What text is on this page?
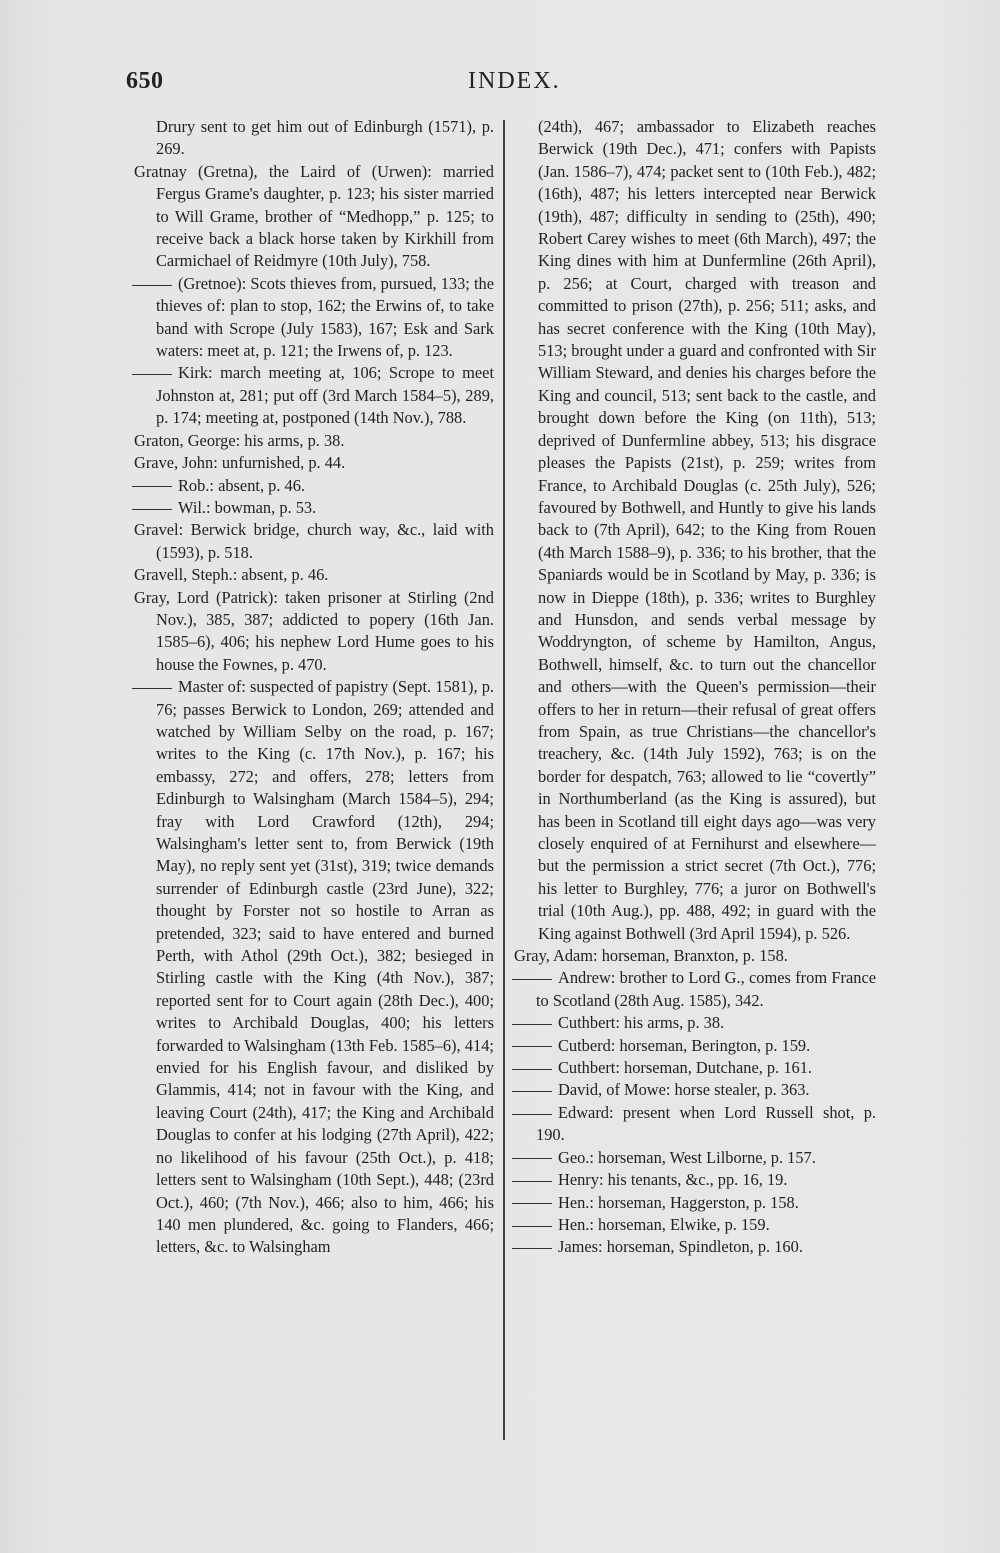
650	INDEX.
Drury sent to get him out of Edinburgh (1571), p. 269.
Gratnay (Gretna), the Laird of (Urwen): married Fergus Grame's daughter, p. 123; his sister married to Will Grame, brother of “Medhopp,” p. 125; to receive back a black horse taken by Kirkhill from Carmichael of Reidmyre (10th July), 758.
(Gretnoe): Scots thieves from, pursued, 133; the thieves of: plan to stop, 162; the Erwins of, to take band with Scrope (July 1583), 167; Esk and Sark waters: meet at, p. 121; the Irwens of, p. 123.
Kirk: march meeting at, 106; Scrope to meet Johnston at, 281; put off (3rd March 1584–5), 289, p. 174; meeting at, postponed (14th Nov.), 788.
Graton, George: his arms, p. 38.
Grave, John: unfurnished, p. 44.
Rob.: absent, p. 46.
Wil.: bowman, p. 53.
Gravel: Berwick bridge, church way, &c., laid with (1593), p. 518.
Gravell, Steph.: absent, p. 46.
Gray, Lord (Patrick): taken prisoner at Stirling (2nd Nov.), 385, 387; addicted to popery (16th Jan. 1585–6), 406; his nephew Lord Hume goes to his house the Fownes, p. 470.
Master of: suspected of papistry (Sept. 1581), p. 76; passes Berwick to London, 269; attended and watched by William Selby on the road, p. 167; writes to the King (c. 17th Nov.), p. 167; his embassy, 272; and offers, 278; letters from Edinburgh to Walsingham (March 1584–5), 294; fray with Lord Crawford (12th), 294; Walsingham's letter sent to, from Berwick (19th May), no reply sent yet (31st), 319; twice demands surrender of Edinburgh castle (23rd June), 322; thought by Forster not so hostile to Arran as pretended, 323; said to have entered and burned Perth, with Athol (29th Oct.), 382; besieged in Stirling castle with the King (4th Nov.), 387; reported sent for to Court again (28th Dec.), 400; writes to Archibald Douglas, 400; his letters forwarded to Walsingham (13th Feb. 1585–6), 414; envied for his English favour, and disliked by Glammis, 414; not in favour with the King, and leaving Court (24th), 417; the King and Archibald Douglas to confer at his lodging (27th April), 422; no likelihood of his favour (25th Oct.), p. 418; letters sent to Walsingham (10th Sept.), 448; (23rd Oct.), 460; (7th Nov.), 466; also to him, 466; his 140 men plundered, &c. going to Flanders, 466; letters, &c. to Walsingham
(24th), 467; ambassador to Elizabeth reaches Berwick (19th Dec.), 471; confers with Papists (Jan. 1586–7), 474; packet sent to (10th Feb.), 482; (16th), 487; his letters intercepted near Berwick (19th), 487; difficulty in sending to (25th), 490; Robert Carey wishes to meet (6th March), 497; the King dines with him at Dunfermline (26th April), p. 256; at Court, charged with treason and committed to prison (27th), p. 256; 511; asks, and has secret conference with the King (10th May), 513; brought under a guard and confronted with Sir William Steward, and denies his charges before the King and council, 513; sent back to the castle, and brought down before the King (on 11th), 513; deprived of Dunfermline abbey, 513; his disgrace pleases the Papists (21st), p. 259; writes from France, to Archibald Douglas (c. 25th July), 526; favoured by Bothwell, and Huntly to give his lands back to (7th April), 642; to the King from Rouen (4th March 1588–9), p. 336; to his brother, that the Spaniards would be in Scotland by May, p. 336; is now in Dieppe (18th), p. 336; writes to Burghley and Hunsdon, and sends verbal message by Woddryngton, of scheme by Hamilton, Angus, Bothwell, himself, &c. to turn out the chancellor and others—with the Queen's permission—their offers to her in return—their refusal of great offers from Spain, as true Christians—the chancellor's treachery, &c. (14th July 1592), 763; is on the border for despatch, 763; allowed to lie “covertly” in Northumberland (as the King is assured), but has been in Scotland till eight days ago—was very closely enquired of at Fernihurst and elsewhere—but the permission a strict secret (7th Oct.), 776; his letter to Burghley, 776; a juror on Bothwell's trial (10th Aug.), pp. 488, 492; in guard with the King against Bothwell (3rd April 1594), p. 526.
Gray, Adam: horseman, Branxton, p. 158.
Andrew: brother to Lord G., comes from France to Scotland (28th Aug. 1585), 342.
Cuthbert: his arms, p. 38.
Cutberd: horseman, Berington, p. 159.
Cuthbert: horseman, Dutchane, p. 161.
David, of Mowe: horse stealer, p. 363.
Edward: present when Lord Russell shot, p. 190.
Geo.: horseman, West Lilborne, p. 157.
Henry: his tenants, &c., pp. 16, 19.
Hen.: horseman, Haggerston, p. 158.
Hen.: horseman, Elwike, p. 159.
James: horseman, Spindleton, p. 160.
